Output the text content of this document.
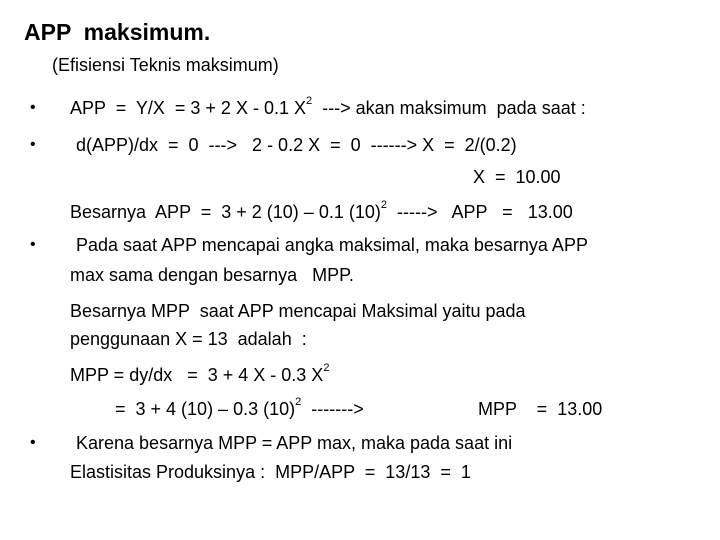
APP  maksimum.
(Efisiensi Teknis maksimum)
• APP  =  Y/X  = 3 + 2 X - 0.1 $X^2$  ---> akan maksimum  pada saat :
• d(APP)/dx  =  0  --->   2 - 0.2 X  =  0  ------> X  =  2/(0.2)
X  =  10.00
Besarnya  APP  =  3 + 2 (10) – 0.1 $(10)^2$  ----->   APP   =   13.00
• Pada saat APP mencapai angka maksimal, maka besarnya APP
max sama dengan besarnya   MPP.
Besarnya MPP  saat APP mencapai Maksimal yaitu pada
penggunaan X = 13  adalah  :
MPP = dy/dx   =  3 + 4 X - 0.3 $X^2$
=  3 + 4 (10) – 0.3 $(10)^2$  ------->	MPP    =  13.00
• Karena besarnya MPP = APP max, maka pada saat ini
Elastisitas Produksinya :  MPP/APP  =  13/13  =  1
